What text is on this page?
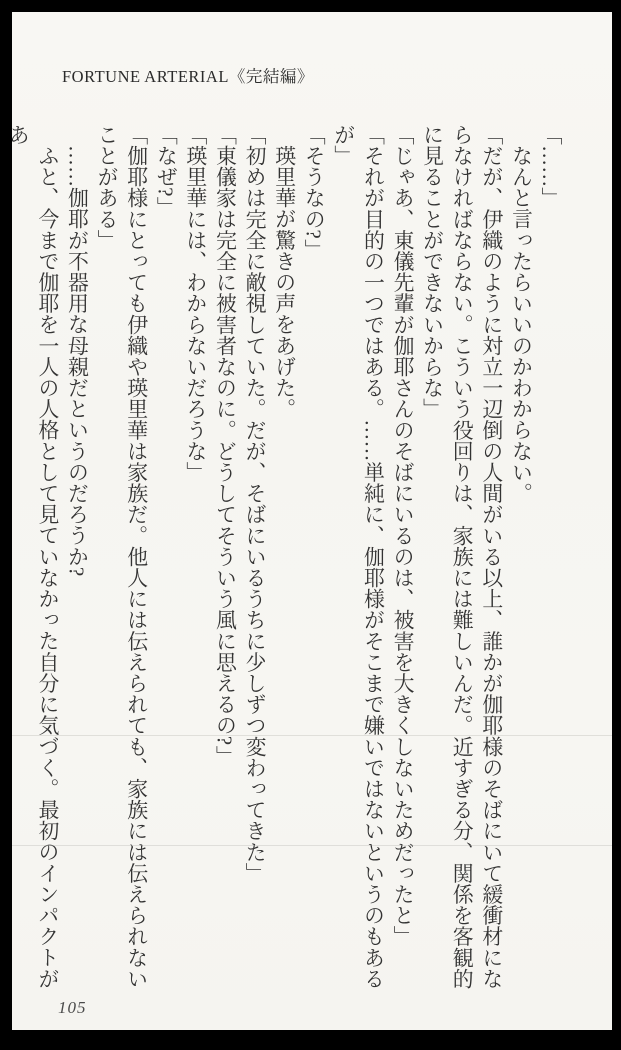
FORTUNE ARTERIAL《完結編》

「……」

なんと言ったらいいのかわからない。

「だが、伊織のように対立一辺倒の人間がいる以上、誰かが伽耶様のそばにいて緩衝材にならなければならない。こういう役回りは、家族には難しいんだ。近すぎる分、関係を客観的に見ることができないからな」

「じゃあ、東儀先輩が伽耶さんのそばにいるのは、被害を大きくしないためだったと」

「それが目的の一つではある。……単純に、伽耶様がそこまで嫌いではないというのもあるが」

「そうなの?」

瑛里華が驚きの声をあげた。

「初めは完全に敵視していた。だが、そばにいるうちに少しずつ変わってきた」

「東儀家は完全に被害者なのに。どうしてそういう風に思えるの?」

「瑛里華には、わからないだろうな」

「なぜ?」

「伽耶様にとっても伊織や瑛里華は家族だ。他人には伝えられても、家族には伝えられないことがある」

……伽耶が不器用な母親だというのだろうか?

ふと、今まで伽耶を一人の人格として見ていなかった自分に気づく。最初のインパクトがあ

105
